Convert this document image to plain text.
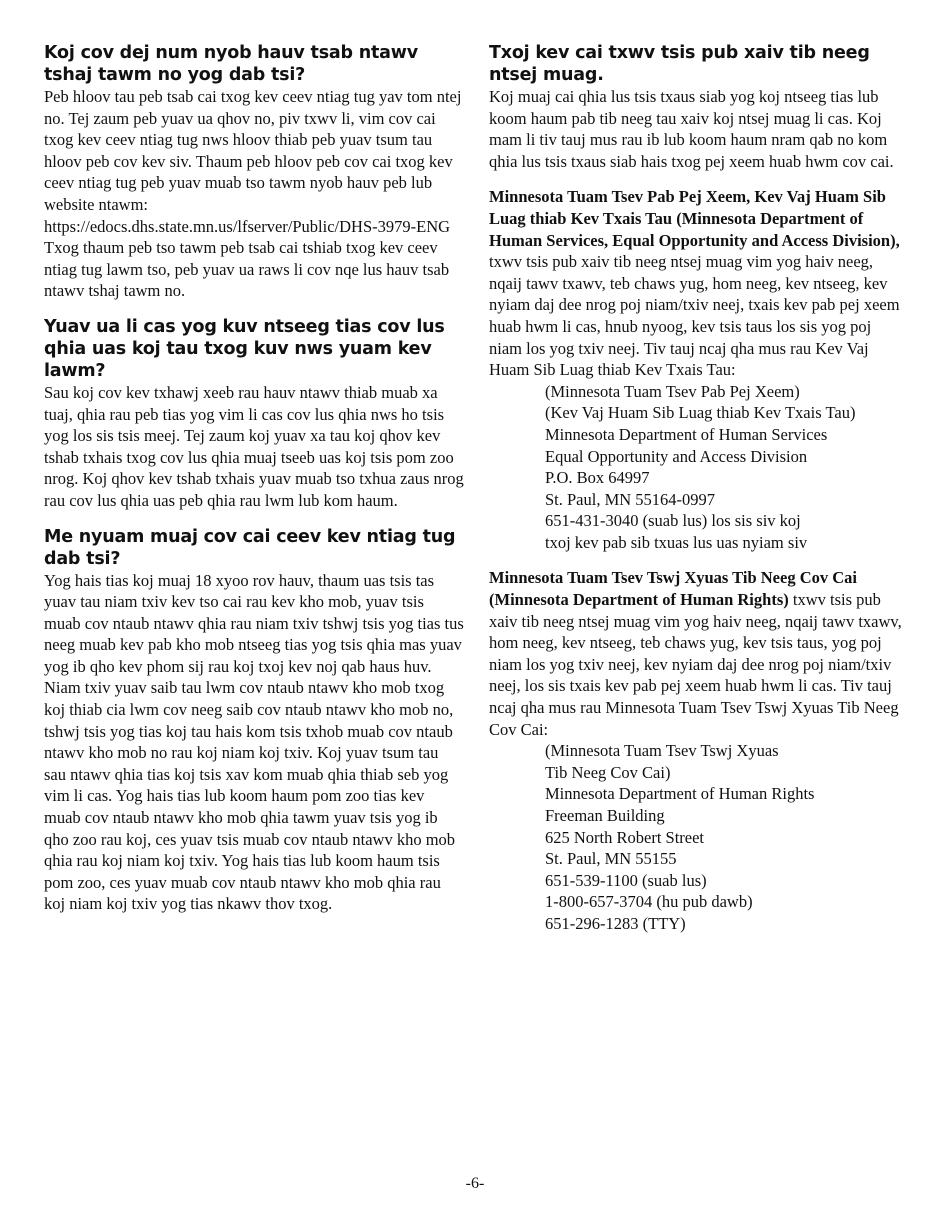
Koj cov dej num nyob hauv tsab ntawv tshaj tawm no yog dab tsi?

Peb hloov tau peb tsab cai txog kev ceev ntiag tug yav tom ntej no. Tej zaum peb yuav ua qhov no, piv txwv li, vim cov cai txog kev ceev ntiag tug nws hloov thiab peb yuav tsum tau hloov peb cov kev siv. Thaum peb hloov peb cov cai txog kev ceev ntiag tug peb yuav muab tso tawm nyob hauv peb lub website ntawm: https://edocs.dhs.state.mn.us/lfserver/Public/DHS-3979-ENG Txog thaum peb tso tawm peb tsab cai tshiab txog kev ceev ntiag tug lawm tso, peb yuav ua raws li cov nqe lus hauv tsab ntawv tshaj tawm no.

Yuav ua li cas yog kuv ntseeg tias cov lus qhia uas koj tau txog kuv nws yuam kev lawm?

Sau koj cov kev txhawj xeeb rau hauv ntawv thiab muab xa tuaj, qhia rau peb tias yog vim li cas cov lus qhia nws ho tsis yog los sis tsis meej. Tej zaum koj yuav xa tau koj qhov kev tshab txhais txog cov lus qhia muaj tseeb uas koj tsis pom zoo nrog. Koj qhov kev tshab txhais yuav muab tso txhua zaus nrog rau cov lus qhia uas peb qhia rau lwm lub kom haum.

Me nyuam muaj cov cai ceev kev ntiag tug dab tsi?

Yog hais tias koj muaj 18 xyoo rov hauv, thaum uas tsis tas yuav tau niam txiv kev tso cai rau kev kho mob, yuav tsis muab cov ntaub ntawv qhia rau niam txiv tshwj tsis yog tias tus neeg muab kev pab kho mob ntseeg tias yog tsis qhia mas yuav yog ib qho kev phom sij rau koj txoj kev noj qab haus huv. Niam txiv yuav saib tau lwm cov ntaub ntawv kho mob txog koj thiab cia lwm cov neeg saib cov ntaub ntawv kho mob no, tshwj tsis yog tias koj tau hais kom tsis txhob muab cov ntaub ntawv kho mob no rau koj niam koj txiv. Koj yuav tsum tau sau ntawv qhia tias koj tsis xav kom muab qhia thiab seb yog vim li cas. Yog hais tias lub koom haum pom zoo tias kev muab cov ntaub ntawv kho mob qhia tawm yuav tsis yog ib qho zoo rau koj, ces yuav tsis muab cov ntaub ntawv kho mob qhia rau koj niam koj txiv. Yog hais tias lub koom haum tsis pom zoo, ces yuav muab cov ntaub ntawv kho mob qhia rau koj niam koj txiv yog tias nkawv thov txog.

Txoj kev cai txwv tsis pub xaiv tib neeg ntsej muag.

Koj muaj cai qhia lus tsis txaus siab yog koj ntseeg tias lub koom haum pab tib neeg tau xaiv koj ntsej muag li cas. Koj mam li tiv tauj mus rau ib lub koom haum nram qab no kom qhia lus tsis txaus siab hais txog pej xeem huab hwm cov cai.

Minnesota Tuam Tsev Pab Pej Xeem, Kev Vaj Huam Sib Luag thiab Kev Txais Tau (Minnesota Department of Human Services, Equal Opportunity and Access Division), txwv tsis pub xaiv tib neeg ntsej muag vim yog haiv neeg, nqaij tawv txawv, teb chaws yug, hom neeg, kev ntseeg, kev nyiam daj dee nrog poj niam/txiv neej, txais kev pab pej xeem huab hwm li cas, hnub nyoog, kev tsis taus los sis yog poj niam los yog txiv neej. Tiv tauj ncaj qha mus rau Kev Vaj Huam Sib Luag thiab Kev Txais Tau:

(Minnesota Tuam Tsev Pab Pej Xeem)
(Kev Vaj Huam Sib Luag thiab Kev Txais Tau)
Minnesota Department of Human Services
Equal Opportunity and Access Division
P.O. Box 64997
St. Paul, MN 55164-0997
651-431-3040 (suab lus) los sis siv koj
txoj kev pab sib txuas lus uas nyiam siv

Minnesota Tuam Tsev Tswj Xyuas Tib Neeg Cov Cai (Minnesota Department of Human Rights) txwv tsis pub xaiv tib neeg ntsej muag vim yog haiv neeg, nqaij tawv txawv, hom neeg, kev ntseeg, teb chaws yug, kev tsis taus, yog poj niam los yog txiv neej, kev nyiam daj dee nrog poj niam/txiv neej, los sis txais kev pab pej xeem huab hwm li cas. Tiv tauj ncaj qha mus rau Minnesota Tuam Tsev Tswj Xyuas Tib Neeg Cov Cai:

(Minnesota Tuam Tsev Tswj Xyuas
Tib Neeg Cov Cai)
Minnesota Department of Human Rights
Freeman Building
625 North Robert Street
St. Paul, MN 55155
651-539-1100 (suab lus)
1-800-657-3704 (hu pub dawb)
651-296-1283 (TTY)
-6-
